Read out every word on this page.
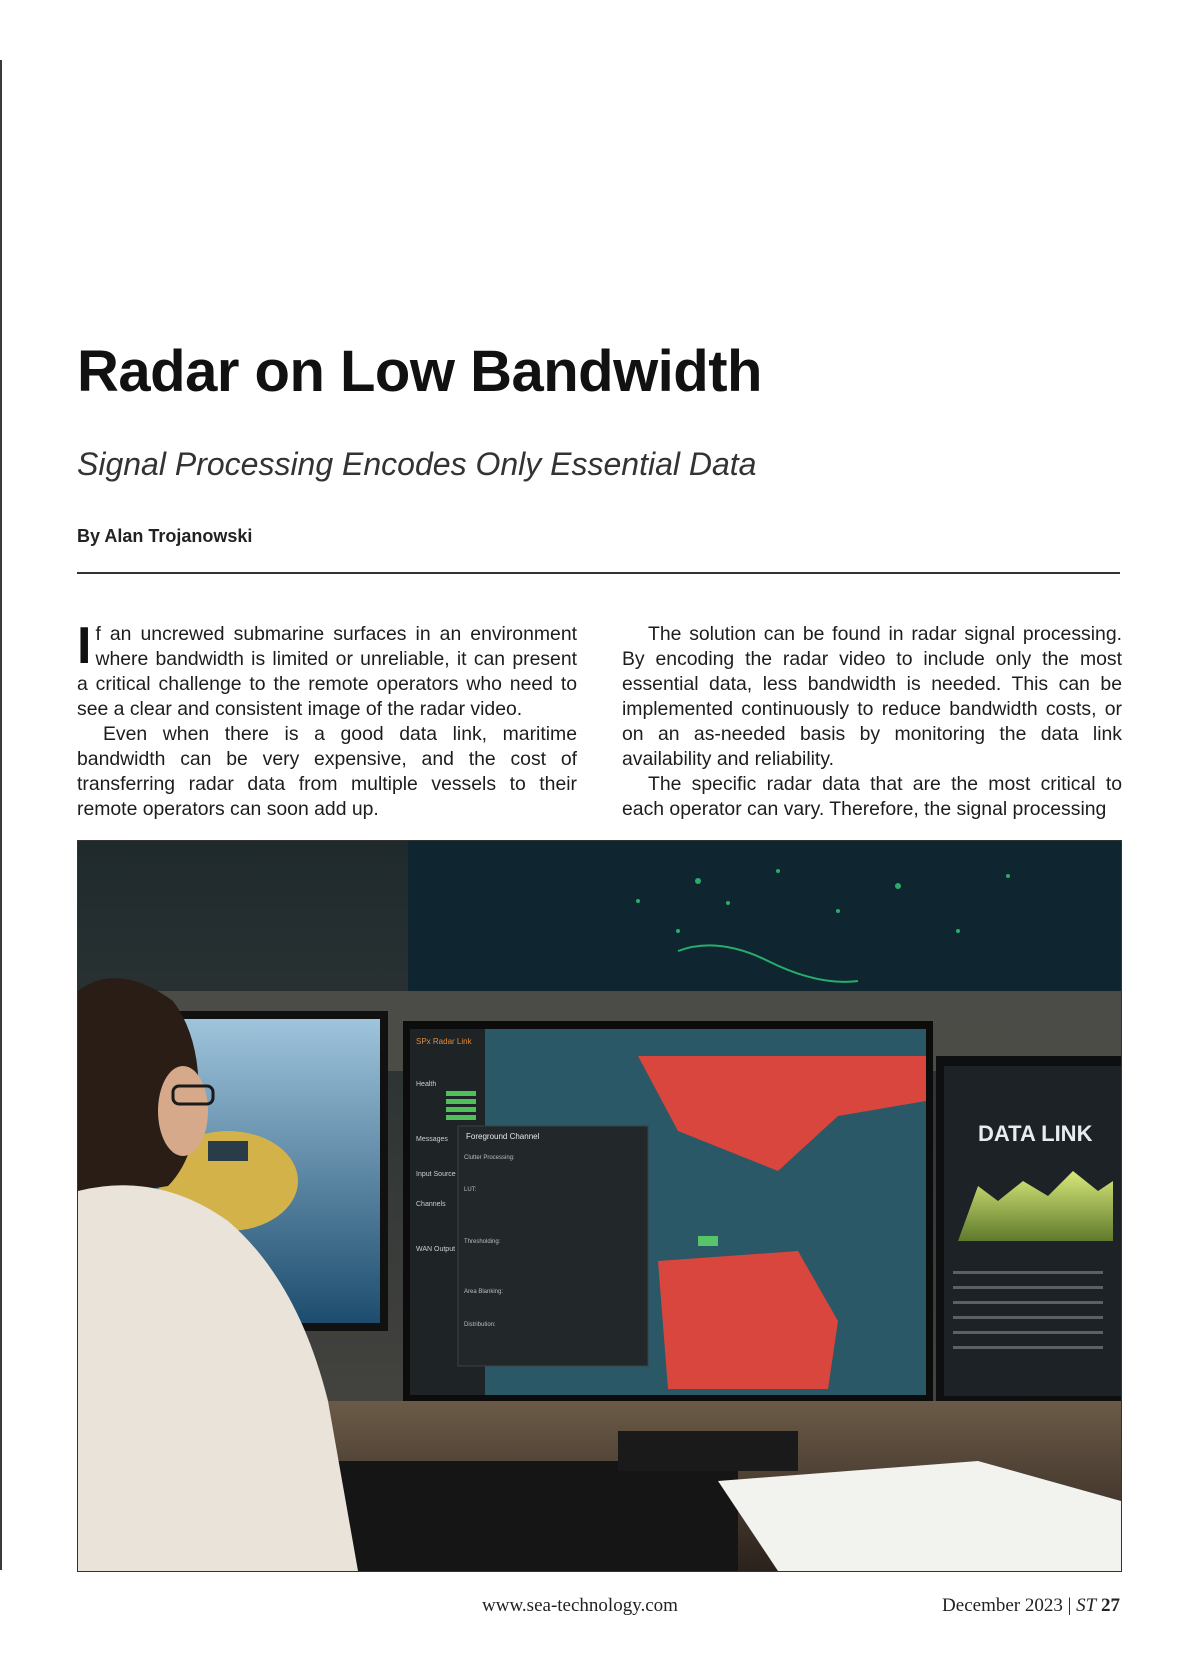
Radar on Low Bandwidth
Signal Processing Encodes Only Essential Data
By Alan Trojanowski

If an uncrewed submarine surfaces in an environment where bandwidth is limited or unreliable, it can present a critical challenge to the remote operators who need to see a clear and consistent image of the radar video.

Even when there is a good data link, maritime bandwidth can be very expensive, and the cost of transferring radar data from multiple vessels to their remote operators can soon add up.

The solution can be found in radar signal processing. By encoding the radar video to include only the most essential data, less bandwidth is needed. This can be implemented continuously to reduce bandwidth costs, or on an as-needed basis by monitoring the data link availability and reliability.

The specific radar data that are the most critical to each operator can vary. Therefore, the signal processing

SPx Radar Link
Health
Messages
Input Source
Channels
WAN Output
Foreground Channel
Clutter Processing:
LUT:
Thresholding:
Area Blanking:
Distribution:
DATA LINK
www.sea-technology.com	December 2023 | ST 27
